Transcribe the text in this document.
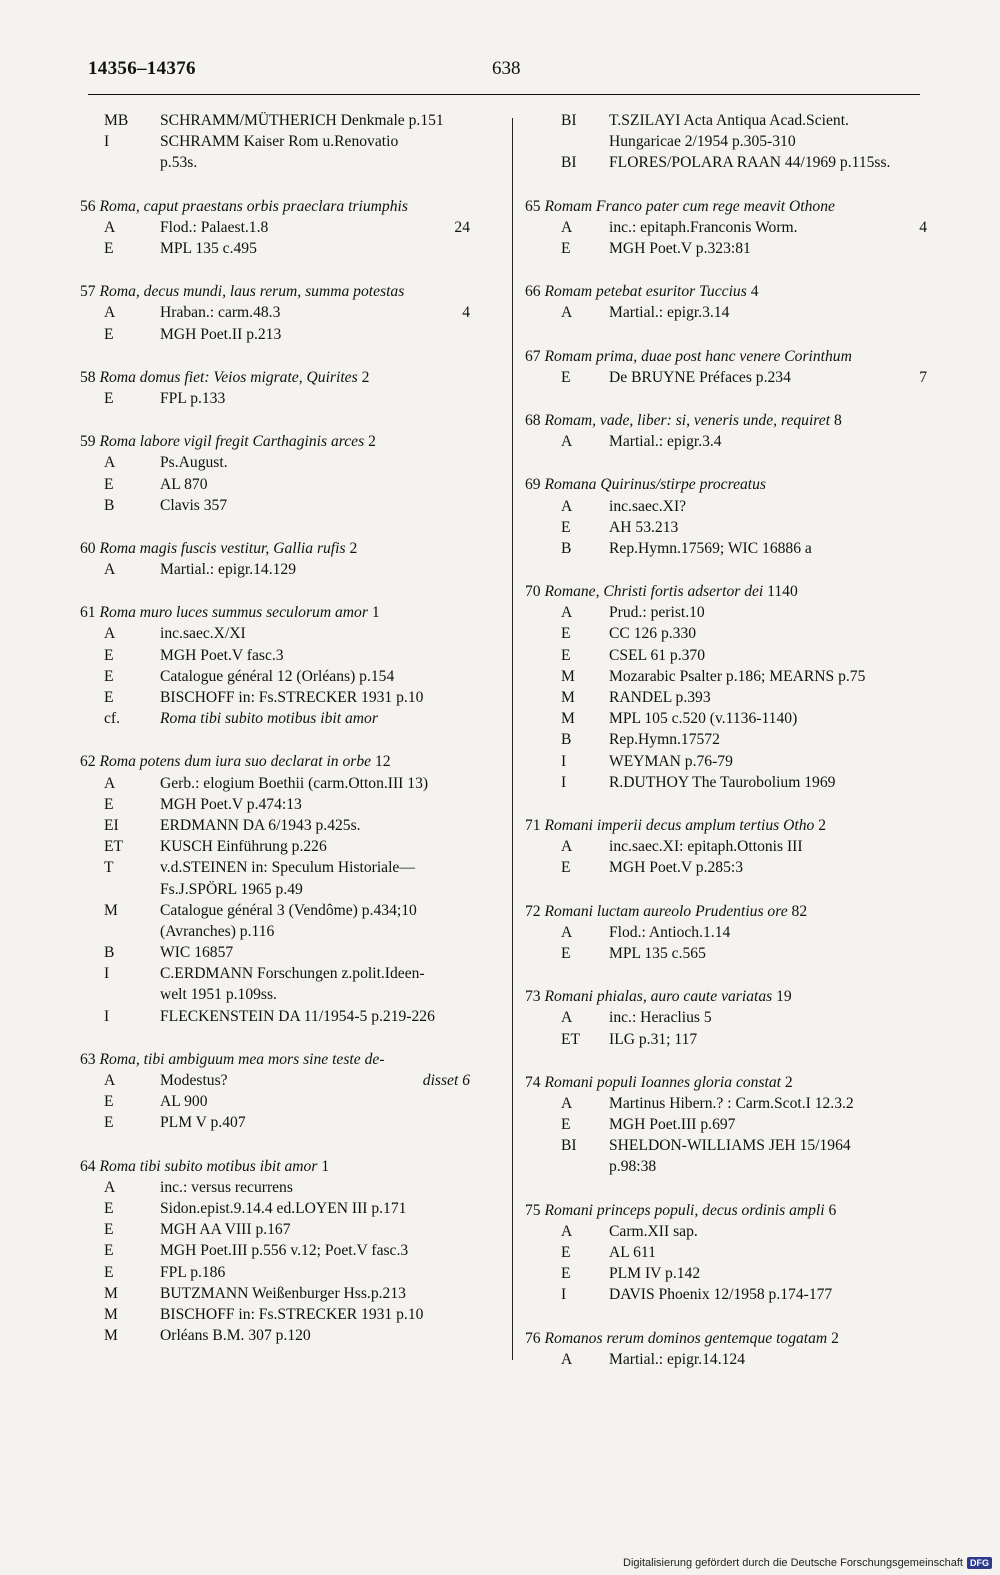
14356–14376	638
MB SCHRAMM/MÜTHERICH Denkmale p.151
I	SCHRAMM Kaiser Rom u.Renovatio
p.53s.
56 Roma, caput praestans orbis praeclara triumphis
A	Flod.: Palaest.1.8	24
E	MPL 135 c.495
57 Roma, decus mundi, laus rerum, summa potestas
A	Hraban.: carm.48.3	4
E	MGH Poet.II p.213
58 Roma domus fiet: Veios migrate, Quirites 2
E	FPL p.133
59 Roma labore vigil fregit Carthaginis arces 2
A	Ps.August.
E	AL 870
B	Clavis 357
60 Roma magis fuscis vestitur, Gallia rufis 2
A	Martial.: epigr.14.129
61 Roma muro luces summus seculorum amor 1
A	inc.saec.X/XI
E	MGH Poet.V fasc.3
E	Catalogue général 12 (Orléans) p.154
E	BISCHOFF in: Fs.STRECKER 1931 p.10
cf.	Roma tibi subito motibus ibit amor
62 Roma potens dum iura suo declarat in orbe 12
A	Gerb.: elogium Boethii (carm.Otton.III 13)
E	MGH Poet.V p.474:13
EI	ERDMANN DA 6/1943 p.425s.
ET KUSCH Einführung p.226
T	v.d.STEINEN in: Speculum Historiale—
Fs.J.SPÖRL 1965 p.49
M	Catalogue général 3 (Vendôme) p.434;10
(Avranches) p.116
B	WIC 16857
I	C.ERDMANN Forschungen z.polit.Ideen-
welt 1951 p.109ss.
I	FLECKENSTEIN DA 11/1954-5 p.219-226
63 Roma, tibi ambiguum mea mors sine teste de-
A	Modestus?	disset 6
E	AL 900
E	PLM V p.407
64 Roma tibi subito motibus ibit amor 1
A	inc.: versus recurrens
E	Sidon.epist.9.14.4 ed.LOYEN III p.171
E	MGH AA VIII p.167
E	MGH Poet.III p.556 v.12; Poet.V fasc.3
E	FPL p.186
M	BUTZMANN Weißenburger Hss.p.213
M	BISCHOFF in: Fs.STRECKER 1931 p.10
M	Orléans B.M. 307 p.120
BI T.SZILAYI Acta Antiqua Acad.Scient.
Hungaricae 2/1954 p.305-310
BI FLORES/POLARA RAAN 44/1969 p.115ss.
65 Romam Franco pater cum rege meavit Othone
A inc.: epitaph.Franconis Worm.	4
E MGH Poet.V p.323:81
66 Romam petebat esuritor Tuccius 4
A Martial.: epigr.3.14
67 Romam prima, duae post hanc venere Corinthum
E De BRUYNE Préfaces p.234	7
68 Romam, vade, liber: si, veneris unde, requiret 8
A Martial.: epigr.3.4
69 Romana Quirinus/stirpe procreatus
A inc.saec.XI?
E AH 53.213
B Rep.Hymn.17569; WIC 16886 a
70 Romane, Christi fortis adsertor dei 1140
A Prud.: perist.10
E CC 126 p.330
E CSEL 61 p.370
M Mozarabic Psalter p.186; MEARNS p.75
M RANDEL p.393
M MPL 105 c.520 (v.1136-1140)
B Rep.Hymn.17572
I	WEYMAN p.76-79
I	R.DUTHOY The Taurobolium 1969
71 Romani imperii decus amplum tertius Otho 2
A inc.saec.XI: epitaph.Ottonis III
E MGH Poet.V p.285:3
72 Romani luctam aureolo Prudentius ore 82
A Flod.: Antioch.1.14
E MPL 135 c.565
73 Romani phialas, auro caute variatas 19
A inc.: Heraclius 5
ET ILG p.31; 117
74 Romani populi Ioannes gloria constat 2
A Martinus Hibern.? : Carm.Scot.I 12.3.2
E MGH Poet.III p.697
BI SHELDON-WILLIAMS JEH 15/1964
p.98:38
75 Romani princeps populi, decus ordinis ampli 6
A Carm.XII sap.
E AL 611
E PLM IV p.142
I	DAVIS Phoenix 12/1958 p.174-177
76 Romanos rerum dominos gentemque togatam 2
A Martial.: epigr.14.124
Digitalisierung gefördert durch die Deutsche Forschungsgemeinschaft DFG
